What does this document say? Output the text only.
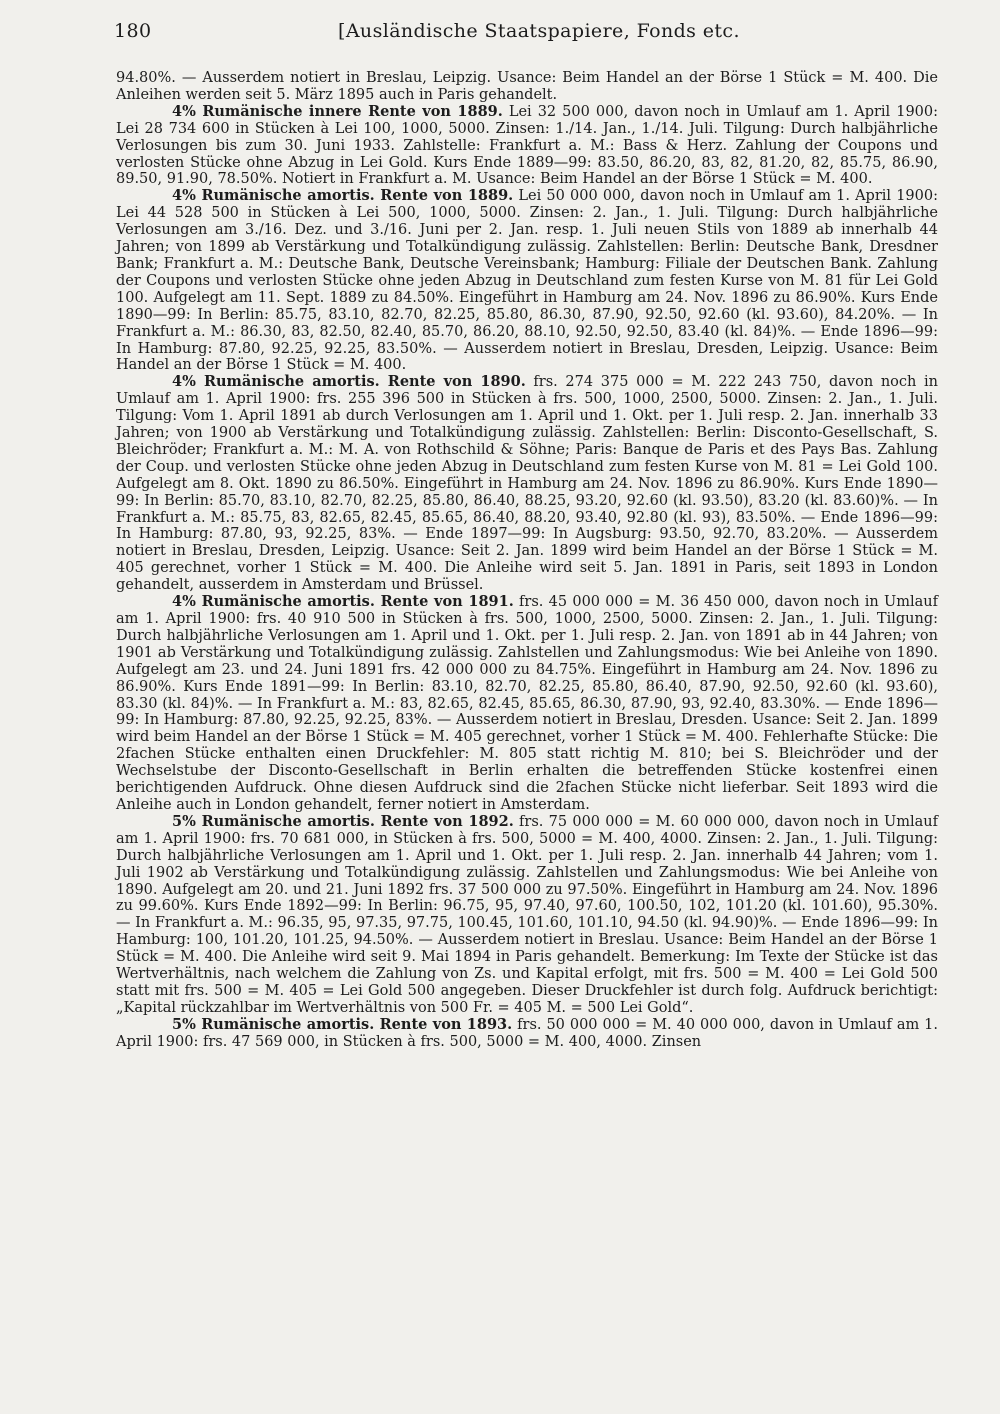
180	[Ausländische Staatspapiere, Fonds etc.

94.80%. — Ausserdem notiert in Breslau, Leipzig. Usance: Beim Handel an der Börse 1 Stück = M. 400. Die Anleihen werden seit 5. März 1895 auch in Paris gehandelt.

4% Rumänische innere Rente von 1889. Lei 32 500 000, davon noch in Umlauf am 1. April 1900: Lei 28 734 600 in Stücken à Lei 100, 1000, 5000. Zinsen: 1./14. Jan., 1./14. Juli. Tilgung: Durch halbjährliche Verlosungen bis zum 30. Juni 1933. Zahlstelle: Frankfurt a. M.: Bass & Herz. Zahlung der Coupons und verlosten Stücke ohne Abzug in Lei Gold. Kurs Ende 1889—99: 83.50, 86.20, 83, 82, 81.20, 82, 85.75, 86.90, 89.50, 91.90, 78.50%. Notiert in Frankfurt a. M. Usance: Beim Handel an der Börse 1 Stück = M. 400.

4% Rumänische amortis. Rente von 1889. Lei 50 000 000, davon noch in Umlauf am 1. April 1900: Lei 44 528 500 in Stücken à Lei 500, 1000, 5000. Zinsen: 2. Jan., 1. Juli. Tilgung: Durch halbjährliche Verlosungen am 3./16. Dez. und 3./16. Juni per 2. Jan. resp. 1. Juli neuen Stils von 1889 ab innerhalb 44 Jahren; von 1899 ab Verstärkung und Totalkündigung zulässig. Zahlstellen: Berlin: Deutsche Bank, Dresdner Bank; Frankfurt a. M.: Deutsche Bank, Deutsche Vereinsbank; Hamburg: Filiale der Deutschen Bank. Zahlung der Coupons und verlosten Stücke ohne jeden Abzug in Deutschland zum festen Kurse von M. 81 für Lei Gold 100. Aufgelegt am 11. Sept. 1889 zu 84.50%. Eingeführt in Hamburg am 24. Nov. 1896 zu 86.90%. Kurs Ende 1890—99: In Berlin: 85.75, 83.10, 82.70, 82.25, 85.80, 86.30, 87.90, 92.50, 92.60 (kl. 93.60), 84.20%. — In Frankfurt a. M.: 86.30, 83, 82.50, 82.40, 85.70, 86.20, 88.10, 92.50, 92.50, 83.40 (kl. 84)%. — Ende 1896—99: In Hamburg: 87.80, 92.25, 92.25, 83.50%. — Ausserdem notiert in Breslau, Dresden, Leipzig. Usance: Beim Handel an der Börse 1 Stück = M. 400.

4% Rumänische amortis. Rente von 1890. frs. 274 375 000 = M. 222 243 750, davon noch in Umlauf am 1. April 1900: frs. 255 396 500 in Stücken à frs. 500, 1000, 2500, 5000. Zinsen: 2. Jan., 1. Juli. Tilgung: Vom 1. April 1891 ab durch Verlosungen am 1. April und 1. Okt. per 1. Juli resp. 2. Jan. innerhalb 33 Jahren; von 1900 ab Verstärkung und Totalkündigung zulässig. Zahlstellen: Berlin: Disconto-Gesellschaft, S. Bleichröder; Frankfurt a. M.: M. A. von Rothschild & Söhne; Paris: Banque de Paris et des Pays Bas. Zahlung der Coup. und verlosten Stücke ohne jeden Abzug in Deutschland zum festen Kurse von M. 81 = Lei Gold 100. Aufgelegt am 8. Okt. 1890 zu 86.50%. Eingeführt in Hamburg am 24. Nov. 1896 zu 86.90%. Kurs Ende 1890—99: In Berlin: 85.70, 83.10, 82.70, 82.25, 85.80, 86.40, 88.25, 93.20, 92.60 (kl. 93.50), 83.20 (kl. 83.60)%. — In Frankfurt a. M.: 85.75, 83, 82.65, 82.45, 85.65, 86.40, 88.20, 93.40, 92.80 (kl. 93), 83.50%. — Ende 1896—99: In Hamburg: 87.80, 93, 92.25, 83%. — Ende 1897—99: In Augsburg: 93.50, 92.70, 83.20%. — Ausserdem notiert in Breslau, Dresden, Leipzig. Usance: Seit 2. Jan. 1899 wird beim Handel an der Börse 1 Stück = M. 405 gerechnet, vorher 1 Stück = M. 400. Die Anleihe wird seit 5. Jan. 1891 in Paris, seit 1893 in London gehandelt, ausserdem in Amsterdam und Brüssel.

4% Rumänische amortis. Rente von 1891. frs. 45 000 000 = M. 36 450 000, davon noch in Umlauf am 1. April 1900: frs. 40 910 500 in Stücken à frs. 500, 1000, 2500, 5000. Zinsen: 2. Jan., 1. Juli. Tilgung: Durch halbjährliche Verlosungen am 1. April und 1. Okt. per 1. Juli resp. 2. Jan. von 1891 ab in 44 Jahren; von 1901 ab Verstärkung und Totalkündigung zulässig. Zahlstellen und Zahlungsmodus: Wie bei Anleihe von 1890. Aufgelegt am 23. und 24. Juni 1891 frs. 42 000 000 zu 84.75%. Eingeführt in Hamburg am 24. Nov. 1896 zu 86.90%. Kurs Ende 1891—99: In Berlin: 83.10, 82.70, 82.25, 85.80, 86.40, 87.90, 92.50, 92.60 (kl. 93.60), 83.30 (kl. 84)%. — In Frankfurt a. M.: 83, 82.65, 82.45, 85.65, 86.30, 87.90, 93, 92.40, 83.30%. — Ende 1896—99: In Hamburg: 87.80, 92.25, 92.25, 83%. — Ausserdem notiert in Breslau, Dresden. Usance: Seit 2. Jan. 1899 wird beim Handel an der Börse 1 Stück = M. 405 gerechnet, vorher 1 Stück = M. 400. Fehlerhafte Stücke: Die 2fachen Stücke enthalten einen Druckfehler: M. 805 statt richtig M. 810; bei S. Bleichröder und der Wechselstube der Disconto-Gesellschaft in Berlin erhalten die betreffenden Stücke kostenfrei einen berichtigenden Aufdruck. Ohne diesen Aufdruck sind die 2fachen Stücke nicht lieferbar. Seit 1893 wird die Anleihe auch in London gehandelt, ferner notiert in Amsterdam.

5% Rumänische amortis. Rente von 1892. frs. 75 000 000 = M. 60 000 000, davon noch in Umlauf am 1. April 1900: frs. 70 681 000, in Stücken à frs. 500, 5000 = M. 400, 4000. Zinsen: 2. Jan., 1. Juli. Tilgung: Durch halbjährliche Verlosungen am 1. April und 1. Okt. per 1. Juli resp. 2. Jan. innerhalb 44 Jahren; vom 1. Juli 1902 ab Verstärkung und Totalkündigung zulässig. Zahlstellen und Zahlungsmodus: Wie bei Anleihe von 1890. Aufgelegt am 20. und 21. Juni 1892 frs. 37 500 000 zu 97.50%. Eingeführt in Hamburg am 24. Nov. 1896 zu 99.60%. Kurs Ende 1892—99: In Berlin: 96.75, 95, 97.40, 97.60, 100.50, 102, 101.20 (kl. 101.60), 95.30%. — In Frankfurt a. M.: 96.35, 95, 97.35, 97.75, 100.45, 101.60, 101.10, 94.50 (kl. 94.90)%. — Ende 1896—99: In Hamburg: 100, 101.20, 101.25, 94.50%. — Ausserdem notiert in Breslau. Usance: Beim Handel an der Börse 1 Stück = M. 400. Die Anleihe wird seit 9. Mai 1894 in Paris gehandelt. Bemerkung: Im Texte der Stücke ist das Wertverhältnis, nach welchem die Zahlung von Zs. und Kapital erfolgt, mit frs. 500 = M. 400 = Lei Gold 500 statt mit frs. 500 = M. 405 = Lei Gold 500 angegeben. Dieser Druckfehler ist durch folg. Aufdruck berichtigt: „Kapital rückzahlbar im Wertverhältnis von 500 Fr. = 405 M. = 500 Lei Gold“.

5% Rumänische amortis. Rente von 1893. frs. 50 000 000 = M. 40 000 000, davon in Umlauf am 1. April 1900: frs. 47 569 000, in Stücken à frs. 500, 5000 = M. 400, 4000. Zinsen
